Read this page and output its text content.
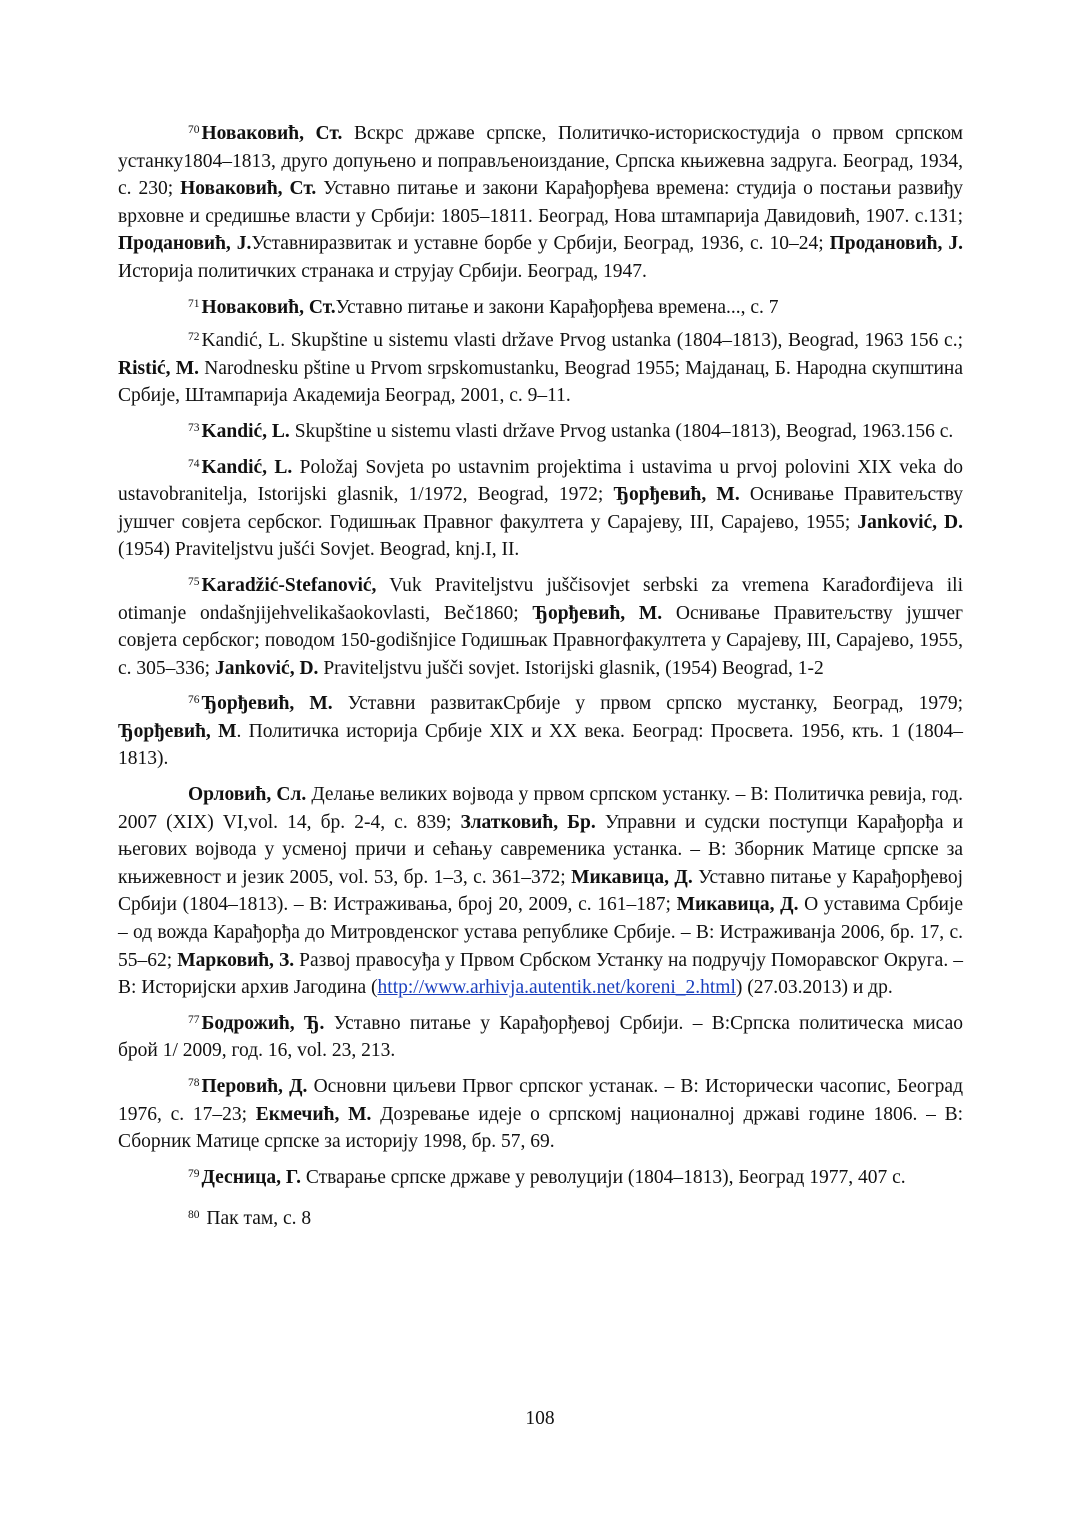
$^{70}$ Новаковић, Ст. Вскрс државе српске, Политичко-историскостудија о првом српском устанку1804‒1813, друго допуњено и поправљеноиздание, Српска књижевна задруга. Београд, 1934, с. 230; Новаковић, Ст. Уставно питање и закони Карађорђева времена: студија о постањи развиђу врховне и средишње власти у Србији: 1805–1811. Београд, Нова штампарија Давидовић, 1907. с.131; Продановић, J.Уставниразвитак и уставне борбе у Србији, Београд, 1936, с. 10–24; Продановић, J. Историја политичких странака и струјау Србији. Београд, 1947.

$^{71}$ Новаковић, Ст.Уставно питање и закони Карађорђева времена..., с. 7

$^{72}$ Kandić, L. Skupštine u sistemu vlasti države Prvog ustanka (1804‒1813), Beograd, 1963 156 c.; Ristić, M. Narodnesku pštine u Prvom srpskomustanku, Beograd 1955; Мајданац, Б. Народна скупштина Србије, Штампарија Академија Београд, 2001, с. 9–11.

$^{73}$ Kandić, L. Skupštine u sistemu vlasti države Prvog ustanka (1804–1813), Beograd, 1963.156 c.

$^{74}$ Kandić, L. Položaj Sovjeta po ustavnim projektima i ustavima u prvoj polovini XIX veka do ustavobranitelja, Istorijski glasnik, 1/1972, Beograd, 1972; Ђорђевић, М. Оснивање Правитељству јушчег совјета сербског. Годишњак Правног факултета у Сарајеву, III, Сарајево, 1955; Janković, D. (1954) Praviteljstvu jušći Sovjet. Beograd, knj.I, II.

$^{75}$ Karadžić-Stefanović, Vuk Praviteljstvu juščisovjet serbski za vremena Karađorđijeva ili otimanje ondašnjijehvelikašaokovlasti, Beč1860; Ђорђевић, М. Оснивање Правитељству јушчег совјета сербског; поводом 150-godišnjice Годишњак Правногфакултета у Сарајеву, III, Сарајево, 1955, с. 305–336; Janković, D. Praviteljstvu jušči sovjet. Istorijski glasnik, (1954) Beograd, 1-2

$^{76}$ Ђорђевић, М. Уставни развитакСрбије у првом српско мустанку, Београд, 1979; Ђорђевић, М. Политичка историја Србије XIX и XX века. Београд: Просвета. 1956, кть. 1 (1804‒1813).

Орловић, Сл. Делање великих војвода у првом српском устанку. – В: Политичка ревија, год. 2007 (XIX) VI,vol. 14, бр. 2-4, с. 839; Златковић, Бр. Управни и судски поступци Карађорђа и његових војвода у усменој причи и сећању савременика устанка. – В: Зборник Матице српске за књижевност и језик 2005, vol. 53, бр. 1–3, с. 361–372; Микавица, Д. Уставно питање у Карађорђевој Србији (1804–1813). – В: Истраживања, број 20, 2009, с. 161–187; Микавица, Д. О уставима Србије – од вожда Карађорђа до Митровденског устава републике Србије. – В: Истраживанја 2006, бр. 17, с. 55–62; Марковић, З. Развој правосуђа у Првом Србском Устанку на подручју Поморавског Округа. – В: Историјски архив Јагодина (http://www.arhivja.autentik.net/koreni_2.html) (27.03.2013) и др.

$^{77}$ Бодрожић, Ђ. Уставно питање у Карађорђевој Србији. – В:Српска политическа мисао брой 1/ 2009, год. 16, vol. 23, 213.

$^{78}$ Перовић, Д. Основни циљеви Првог српског устанак. – В: Исторически часопис, Београд 1976, с. 17–23; Екмечић, М. Дозревање идеје о српскомј националној државі године 1806. – В: Сборник Матице српске за историју 1998, бр. 57, 69.

$^{79}$ Десница, Г. Стварање српске државе у револуцији (1804–1813), Београд 1977, 407 с.

$^{80}$ Пак там, с. 8

108
